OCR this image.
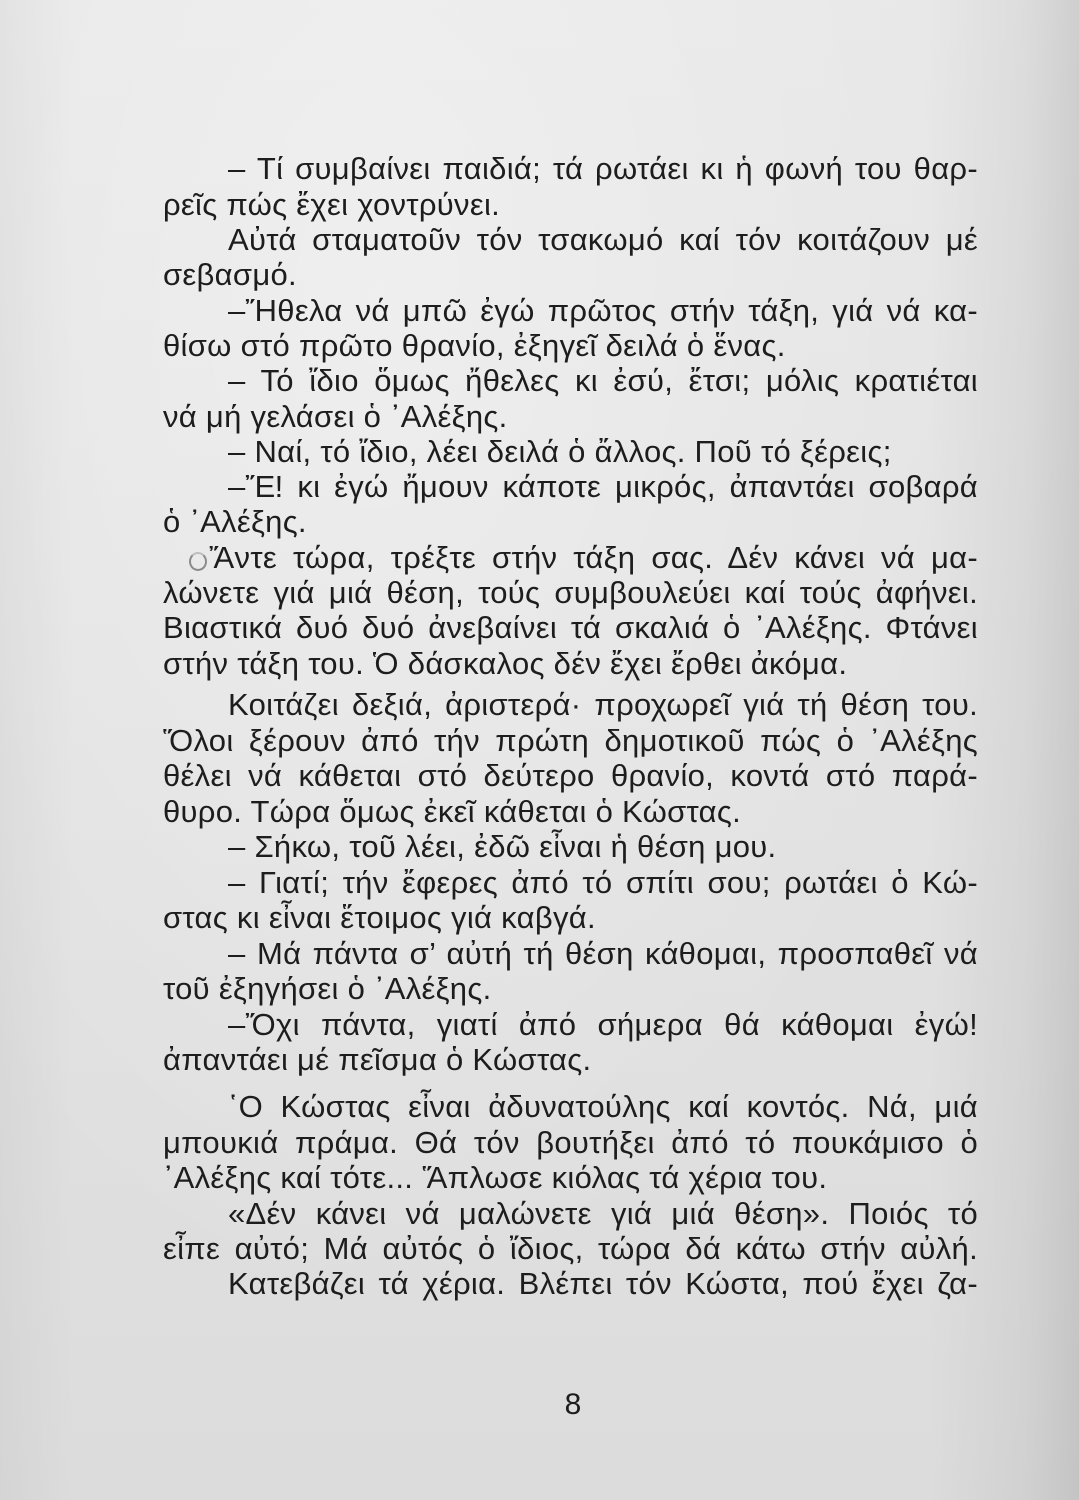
– Τί συμβαίνει παιδιά; τά ρωτάει κι ἡ φωνή του θαρ-
ρεῖς πώς ἔχει χοντρύνει.
Αὐτά σταματοῦν τόν τσακωμό καί τόν κοιτάζουν μέ
σεβασμό.
–Ἤθελα νά μπῶ ἐγώ πρῶτος στήν τάξη, γιά νά κα-
θίσω στό πρῶτο θρανίο, ἐξηγεῖ δειλά ὁ ἕνας.
– Τό ἴδιο ὅμως ἤθελες κι ἐσύ, ἔτσι; μόλις κρατιέται
νά μή γελάσει ὁ ᾿Αλέξης.
– Ναί, τό ἴδιο, λέει δειλά ὁ ἄλλος. Ποῦ τό ξέρεις;
–Ἔ! κι ἐγώ ἤμουν κάποτε μικρός, ἀπαντάει σοβαρά
ὁ ᾿Αλέξης.
Ἄντε τώρα, τρέξτε στήν τάξη σας. Δέν κάνει νά μα-
λώνετε γιά μιά θέση, τούς συμβουλεύει καί τούς ἀφήνει.
Βιαστικά δυό δυό ἀνεβαίνει τά σκαλιά ὁ ᾿Αλέξης. Φτάνει
στήν τάξη του. Ὁ δάσκαλος δέν ἔχει ἔρθει ἀκόμα.
Κοιτάζει δεξιά, ἀριστερά· προχωρεῖ γιά τή θέση του.
Ὅλοι ξέρουν ἀπό τήν πρώτη δημοτικοῦ πώς ὁ ᾿Αλέξης
θέλει νά κάθεται στό δεύτερο θρανίο, κοντά στό παρά-
θυρο. Τώρα ὅμως ἐκεῖ κάθεται ὁ Κώστας.
– Σήκω, τοῦ λέει, ἐδῶ εἶναι ἡ θέση μου.
– Γιατί; τήν ἔφερες ἀπό τό σπίτι σου; ρωτάει ὁ Κώ-
στας κι εἶναι ἕτοιμος γιά καβγά.
– Μά πάντα σ’ αὐτή τή θέση κάθομαι, προσπαθεῖ νά
τοῦ ἐξηγήσει ὁ ᾿Αλέξης.
–Ὄχι πάντα, γιατί ἀπό σήμερα θά κάθομαι ἐγώ!
ἀπαντάει μέ πεῖσμα ὁ Κώστας.
῾Ο Κώστας εἶναι ἀδυνατούλης καί κοντός. Νά, μιά
μπουκιά πράμα. Θά τόν βουτήξει ἀπό τό πουκάμισο ὁ
᾿Αλέξης καί τότε... Ἅπλωσε κιόλας τά χέρια του.
«Δέν κάνει νά μαλώνετε γιά μιά θέση». Ποιός τό
εἶπε αὐτό; Μά αὐτός ὁ ἴδιος, τώρα δά κάτω στήν αὐλή.
Κατεβάζει τά χέρια. Βλέπει τόν Κώστα, πού ἔχει ζα-
8
